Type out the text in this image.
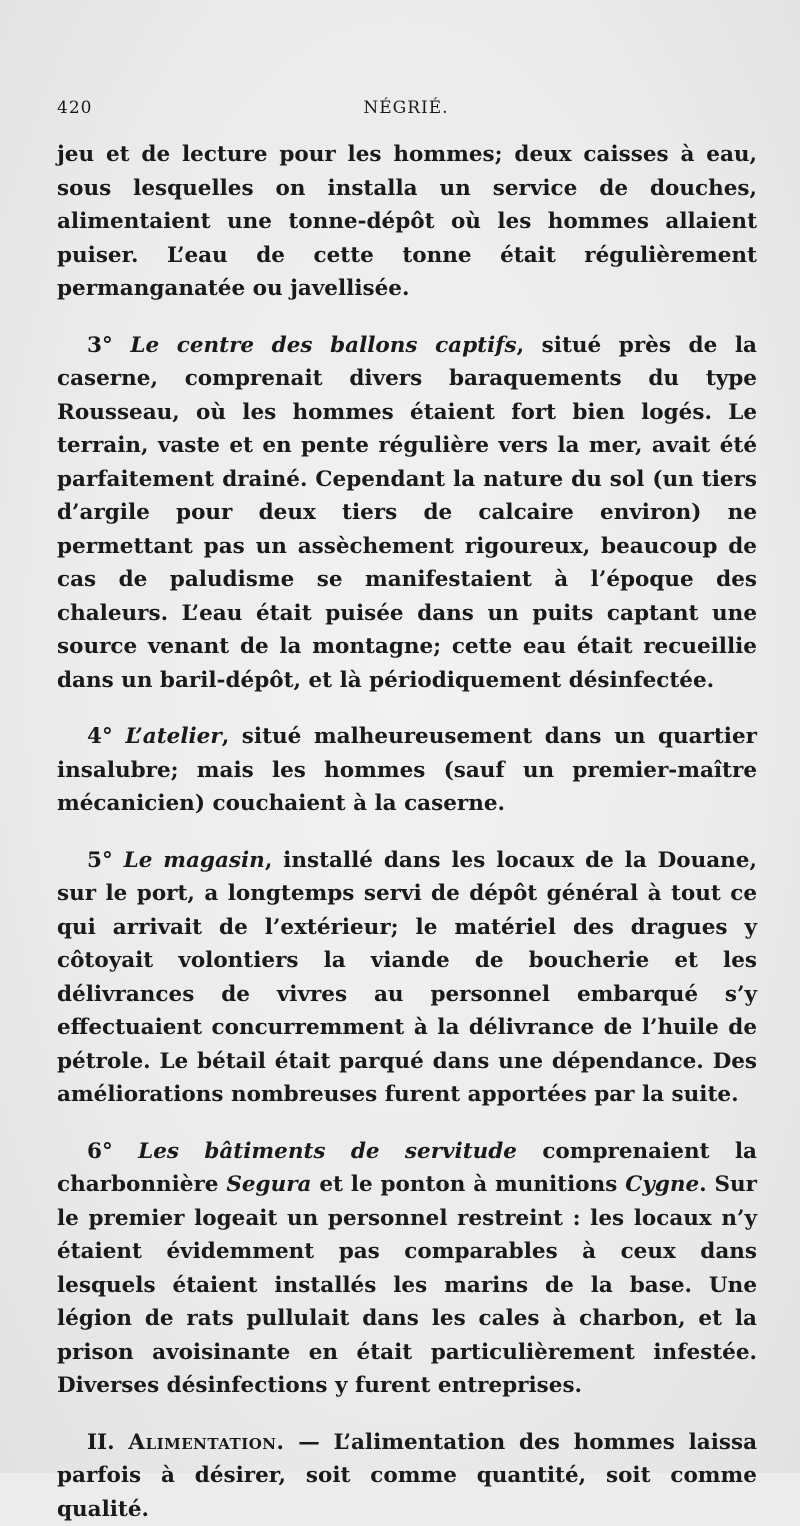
420	NÉGRIÉ.

jeu et de lecture pour les hommes; deux caisses à eau, sous lesquelles on installa un service de douches, alimentaient une tonne-dépôt où les hommes allaient puiser. L’eau de cette tonne était régulièrement permanganatée ou javellisée.

3° Le centre des ballons captifs, situé près de la caserne, comprenait divers baraquements du type Rousseau, où les hommes étaient fort bien logés. Le terrain, vaste et en pente régulière vers la mer, avait été parfaitement drainé. Cependant la nature du sol (un tiers d’argile pour deux tiers de calcaire environ) ne permettant pas un assèchement rigoureux, beaucoup de cas de paludisme se manifestaient à l’époque des chaleurs. L’eau était puisée dans un puits captant une source venant de la montagne; cette eau était recueillie dans un baril-dépôt, et là périodiquement désinfectée.

4° L’atelier, situé malheureusement dans un quartier insalubre; mais les hommes (sauf un premier-maître mécanicien) couchaient à la caserne.

5° Le magasin, installé dans les locaux de la Douane, sur le port, a longtemps servi de dépôt général à tout ce qui arrivait de l’extérieur; le matériel des dragues y côtoyait volontiers la viande de boucherie et les délivrances de vivres au personnel embarqué s’y effectuaient concurremment à la délivrance de l’huile de pétrole. Le bétail était parqué dans une dépendance. Des améliorations nombreuses furent apportées par la suite.

6° Les bâtiments de servitude comprenaient la charbonnière Segura et le ponton à munitions Cygne. Sur le premier logeait un personnel restreint : les locaux n’y étaient évidemment pas comparables à ceux dans lesquels étaient installés les marins de la base. Une légion de rats pullulait dans les cales à charbon, et la prison avoisinante en était particulièrement infestée. Diverses désinfections y furent entreprises.

II. Alimentation. — L’alimentation des hommes laissa parfois à désirer, soit comme quantité, soit comme qualité.
